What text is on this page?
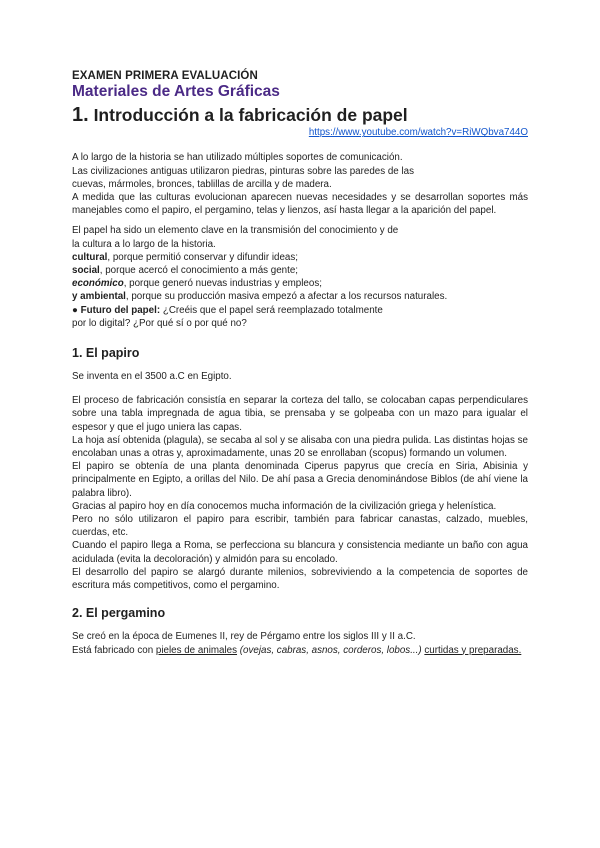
EXAMEN PRIMERA EVALUACIÓN

Materiales de Artes Gráficas

1. Introducción a la fabricación de papel

https://www.youtube.com/watch?v=RiWQbva744O

A lo largo de la historia se han utilizado múltiples soportes de comunicación.

Las civilizaciones antiguas utilizaron piedras, pinturas sobre las paredes de las

cuevas, mármoles, bronces, tablillas de arcilla y de madera.

A medida que las culturas evolucionan aparecen nuevas necesidades y se desarrollan soportes más manejables como el papiro, el pergamino, telas y lienzos, así hasta llegar a la aparición del papel.

El papel ha sido un elemento clave en la transmisión del conocimiento y de

la cultura a lo largo de la historia.

cultural, porque permitió conservar y difundir ideas;

social, porque acercó el conocimiento a más gente;

económico, porque generó nuevas industrias y empleos;

y ambiental, porque su producción masiva empezó a afectar a los recursos naturales.

● Futuro del papel: ¿Creéis que el papel será reemplazado totalmente

por lo digital? ¿Por qué sí o por qué no?

1. El papiro

Se inventa en el 3500 a.C en Egipto.

El proceso de fabricación consistía en separar la corteza del tallo, se colocaban capas perpendiculares sobre una tabla impregnada de agua tibia, se prensaba y se golpeaba con un mazo para igualar el espesor y que el jugo uniera las capas.

La hoja así obtenida (plagula), se secaba al sol y se alisaba con una piedra pulida. Las distintas hojas se encolaban unas a otras y, aproximadamente, unas 20 se enrollaban (scopus) formando un volumen.

El papiro se obtenía de una planta denominada Ciperus papyrus que crecía en Siria, Abisinia y principalmente en Egipto, a orillas del Nilo. De ahí pasa a Grecia denominándose Biblos (de ahí viene la palabra libro).

Gracias al papiro hoy en día conocemos mucha información de la civilización griega y helenística.

Pero no sólo utilizaron el papiro para escribir, también para fabricar canastas, calzado, muebles, cuerdas, etc.

Cuando el papiro llega a Roma, se perfecciona su blancura y consistencia mediante un baño con agua acidulada (evita la decoloración) y almidón para su encolado.

El desarrollo del papiro se alargó durante milenios, sobreviviendo a la competencia de soportes de escritura más competitivos, como el pergamino.

2. El pergamino

Se creó en la época de Eumenes II, rey de Pérgamo entre los siglos III y II a.C.

Está fabricado con pieles de animales (ovejas, cabras, asnos, corderos, lobos...) curtidas y preparadas.
